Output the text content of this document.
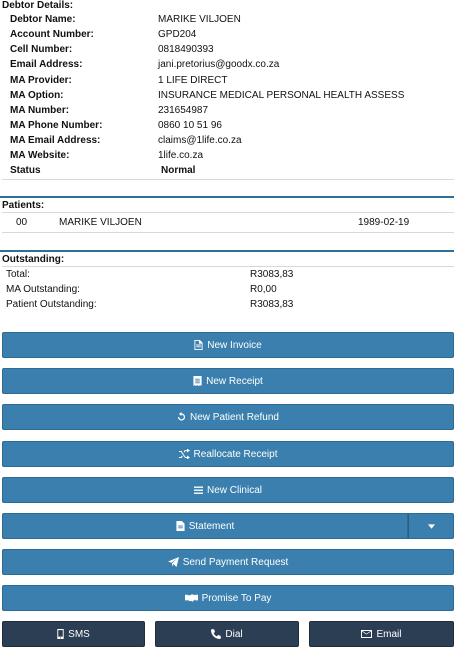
Debtor Details:
Debtor Name:	MARIKE VILJOEN
Account Number:	GPD204
Cell Number:	0818490393
Email Address:	jani.pretorius@goodx.co.za
MA Provider:	1 LIFE DIRECT
MA Option:	INSURANCE MEDICAL PERSONAL HEALTH ASSESS
MA Number:	231654987
MA Phone Number:	0860 10 51 96
MA Email Address:	claims@1life.co.za
MA Website:	1life.co.za
Status	Normal
Patients:
00	MARIKE VILJOEN	1989-02-19
Outstanding:
Total:	R3083,83
MA Outstanding:	R0,00
Patient Outstanding:	R3083,83
New Invoice
New Receipt
New Patient Refund
Reallocate Receipt
New Clinical
Statement
Send Payment Request
Promise To Pay
SMS	Dial	Email
